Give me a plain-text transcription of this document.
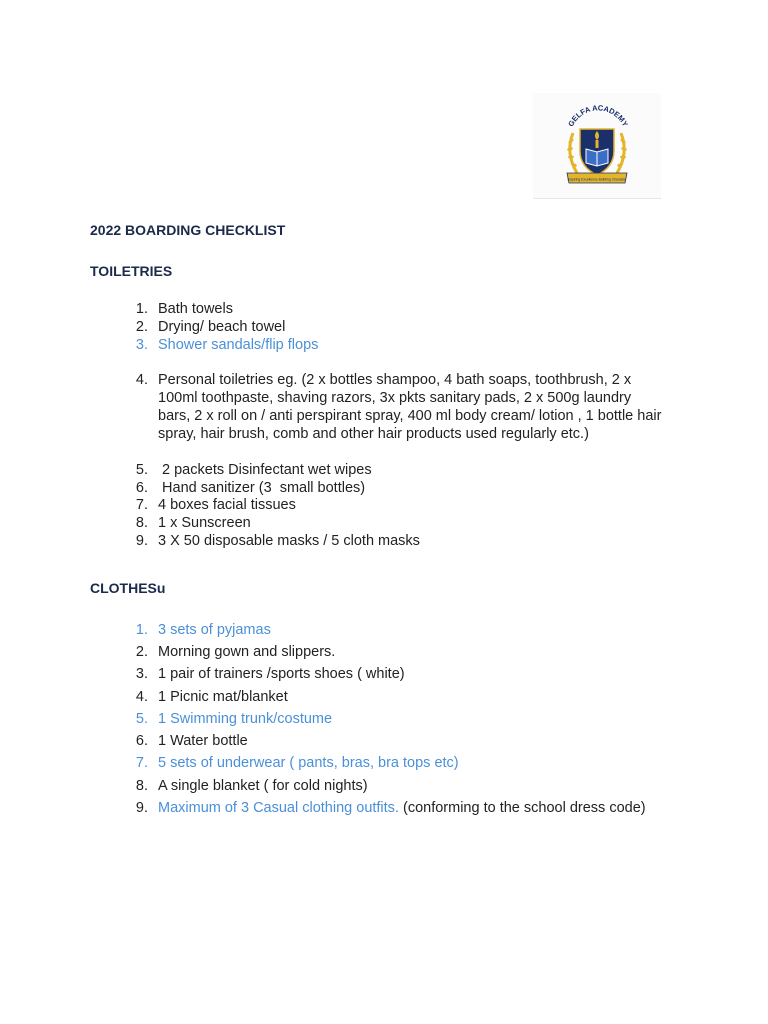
GELFA ACADEMY
Inspiring Excellence Building Character
2022 BOARDING CHECKLIST
TOILETRIES
1. Bath towels
2. Drying/ beach towel
3. Shower sandals/flip flops
4. Personal toiletries eg. (2 x bottles shampoo, 4 bath soaps, toothbrush, 2 x 100ml toothpaste, shaving razors, 3x pkts sanitary pads, 2 x 500g laundry bars, 2 x roll on / anti perspirant spray, 400 ml body cream/ lotion , 1 bottle hair spray, hair brush, comb and other hair products used regularly etc.)
5. 2 packets Disinfectant wet wipes
6. Hand sanitizer (3  small bottles)
7. 4 boxes facial tissues
8. 1 x Sunscreen
9. 3 X 50 disposable masks / 5 cloth masks
CLOTHESu
1. 3 sets of pyjamas
2. Morning gown and slippers.
3. 1 pair of trainers /sports shoes ( white)
4. 1 Picnic mat/blanket
5. 1 Swimming trunk/costume
6. 1 Water bottle
7. 5 sets of underwear ( pants, bras, bra tops etc)
8. A single blanket ( for cold nights)
9. Maximum of 3 Casual clothing outfits. (conforming to the school dress code)
